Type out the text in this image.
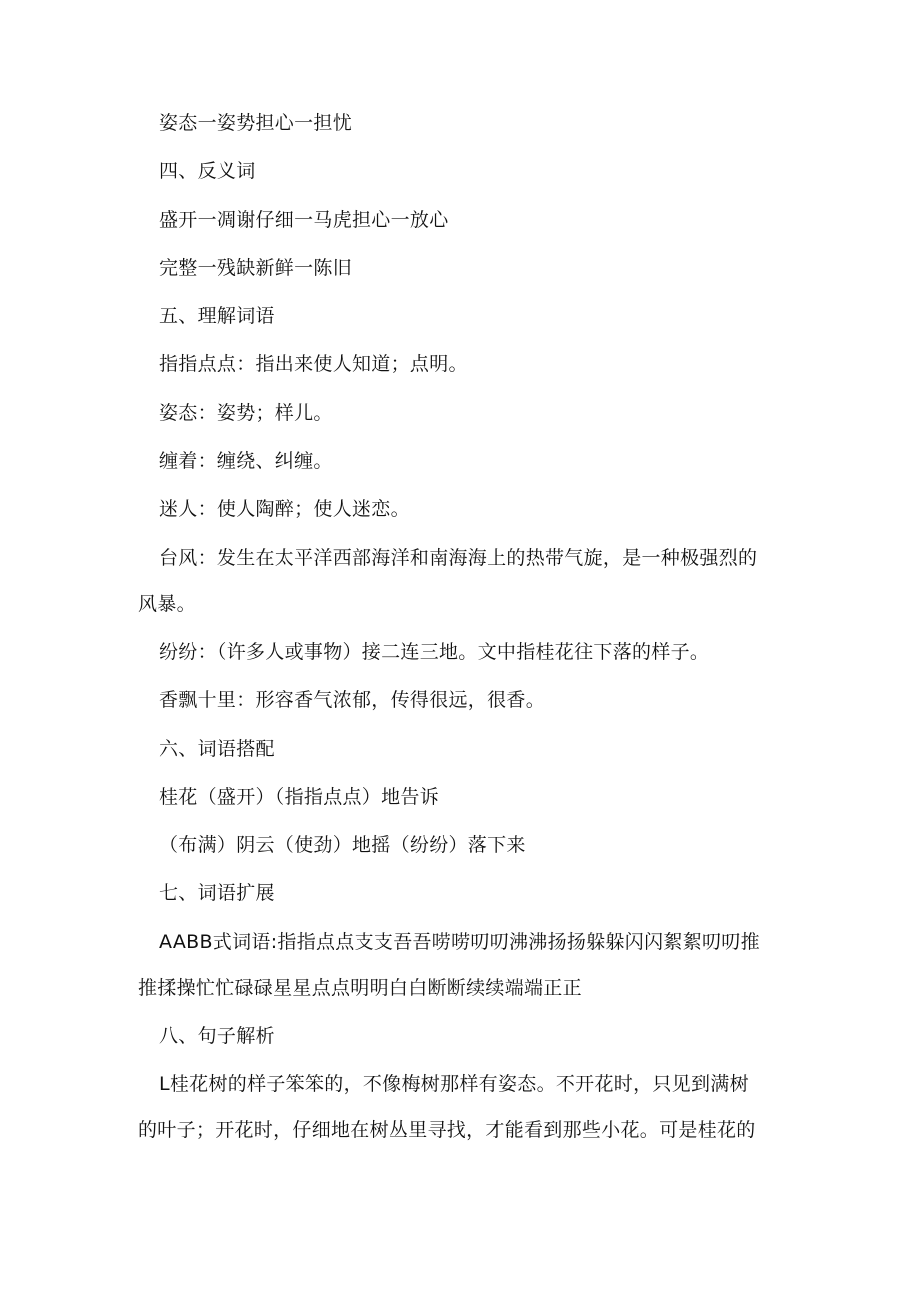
姿态一姿势担心一担忧

四、反义词

盛开一凋谢仔细一马虎担心一放心

完整一残缺新鲜一陈旧

五、理解词语

指指点点：指出来使人知道；点明。

姿态：姿势；样儿。

缠着：缠绕、纠缠。

迷人：使人陶醉；使人迷恋。

台风：发生在太平洋西部海洋和南海海上的热带气旋，是一种极强烈的
风暴。

纷纷：（许多人或事物）接二连三地。文中指桂花往下落的样子。

香飘十里：形容香气浓郁，传得很远，很香。

六、词语搭配

桂花（盛开）（指指点点）地告诉

（布满）阴云（使劲）地摇（纷纷）落下来

七、词语扩展

AABB式词语:指指点点支支吾吾唠唠叨叨沸沸扬扬躲躲闪闪絮絮叨叨推
推揉操忙忙碌碌星星点点明明白白断断续续端端正正

八、句子解析

L桂花树的样子笨笨的，不像梅树那样有姿态。不开花时，只见到满树
的叶子；开花时，仔细地在树丛里寻找，才能看到那些小花。可是桂花的
